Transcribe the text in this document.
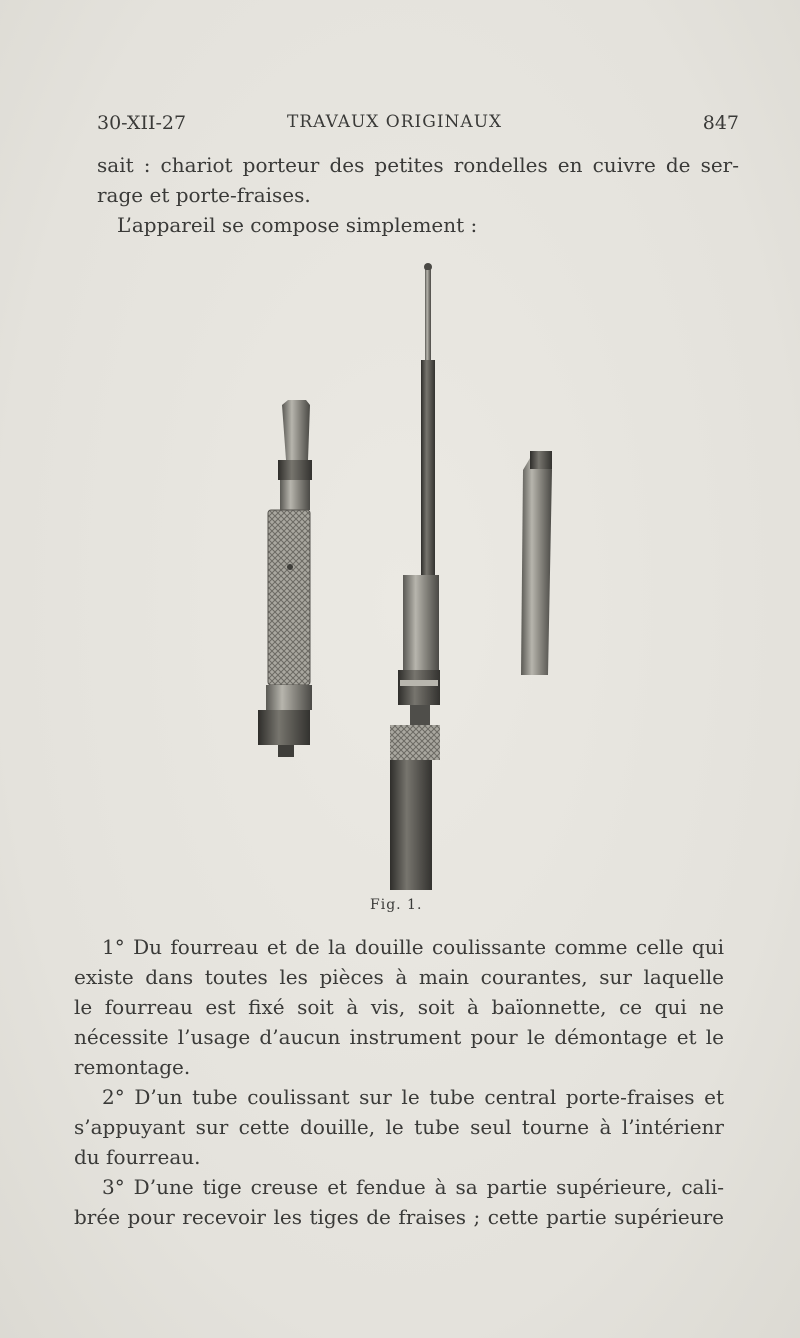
30-XII-27	TRAVAUX ORIGINAUX	847
sait : chariot porteur des petites rondelles en cuivre de ser-
rage et porte-fraises.
L’appareil se compose simplement :
Fig. 1.
1° Du fourreau et de la douille coulissante comme celle qui
existe dans toutes les pièces à main courantes, sur laquelle
le fourreau est fixé soit à vis, soit à baïonnette, ce qui ne
nécessite l’usage d’aucun instrument pour le démontage et le
remontage.
2° D’un tube coulissant sur le tube central porte-fraises et
s’appuyant sur cette douille, le tube seul tourne à l’intérienr
du fourreau.
3° D’une tige creuse et fendue à sa partie supérieure, cali-
brée pour recevoir les tiges de fraises ; cette partie supérieure
